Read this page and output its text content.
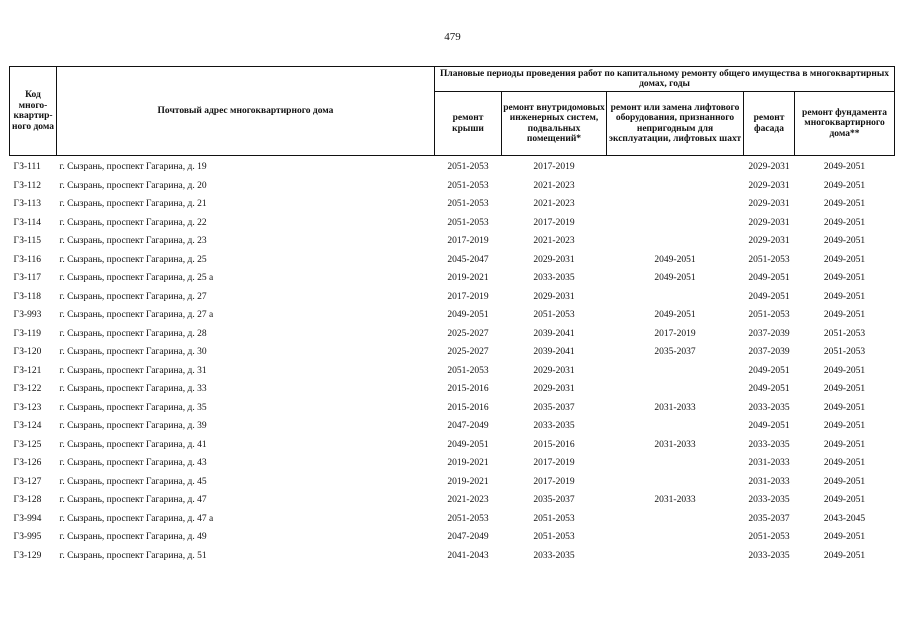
479
Код много-квартир-ного дома	Почтовый адрес многоквартирного дома	Плановые периоды проведения работ по капитальному ремонту общего имущества в многоквартирных домах, годы				
		ремонт крыши	ремонт внутридомовых инженерных систем, подвальных помещений*	ремонт или замена лифтового оборудования, признанного непригодным для эксплуатации, лифтовых шахт	ремонт фасада	ремонт фундамента многоквартирного дома**
ГЗ-111	г. Сызрань, проспект Гагарина, д. 19	2051-2053	2017-2019		2029-2031	2049-2051
ГЗ-112	г. Сызрань, проспект Гагарина, д. 20	2051-2053	2021-2023		2029-2031	2049-2051
ГЗ-113	г. Сызрань, проспект Гагарина, д. 21	2051-2053	2021-2023		2029-2031	2049-2051
ГЗ-114	г. Сызрань, проспект Гагарина, д. 22	2051-2053	2017-2019		2029-2031	2049-2051
ГЗ-115	г. Сызрань, проспект Гагарина, д. 23	2017-2019	2021-2023		2029-2031	2049-2051
ГЗ-116	г. Сызрань, проспект Гагарина, д. 25	2045-2047	2029-2031	2049-2051	2051-2053	2049-2051
ГЗ-117	г. Сызрань, проспект Гагарина, д. 25 а	2019-2021	2033-2035	2049-2051	2049-2051	2049-2051
ГЗ-118	г. Сызрань, проспект Гагарина, д. 27	2017-2019	2029-2031		2049-2051	2049-2051
ГЗ-993	г. Сызрань, проспект Гагарина, д. 27 а	2049-2051	2051-2053	2049-2051	2051-2053	2049-2051
ГЗ-119	г. Сызрань, проспект Гагарина, д. 28	2025-2027	2039-2041	2017-2019	2037-2039	2051-2053
ГЗ-120	г. Сызрань, проспект Гагарина, д. 30	2025-2027	2039-2041	2035-2037	2037-2039	2051-2053
ГЗ-121	г. Сызрань, проспект Гагарина, д. 31	2051-2053	2029-2031		2049-2051	2049-2051
ГЗ-122	г. Сызрань, проспект Гагарина, д. 33	2015-2016	2029-2031		2049-2051	2049-2051
ГЗ-123	г. Сызрань, проспект Гагарина, д. 35	2015-2016	2035-2037	2031-2033	2033-2035	2049-2051
ГЗ-124	г. Сызрань, проспект Гагарина, д. 39	2047-2049	2033-2035		2049-2051	2049-2051
ГЗ-125	г. Сызрань, проспект Гагарина, д. 41	2049-2051	2015-2016	2031-2033	2033-2035	2049-2051
ГЗ-126	г. Сызрань, проспект Гагарина, д. 43	2019-2021	2017-2019		2031-2033	2049-2051
ГЗ-127	г. Сызрань, проспект Гагарина, д. 45	2019-2021	2017-2019		2031-2033	2049-2051
ГЗ-128	г. Сызрань, проспект Гагарина, д. 47	2021-2023	2035-2037	2031-2033	2033-2035	2049-2051
ГЗ-994	г. Сызрань, проспект Гагарина, д. 47 а	2051-2053	2051-2053		2035-2037	2043-2045
ГЗ-995	г. Сызрань, проспект Гагарина, д. 49	2047-2049	2051-2053		2051-2053	2049-2051
ГЗ-129	г. Сызрань, проспект Гагарина, д. 51	2041-2043	2033-2035		2033-2035	2049-2051
